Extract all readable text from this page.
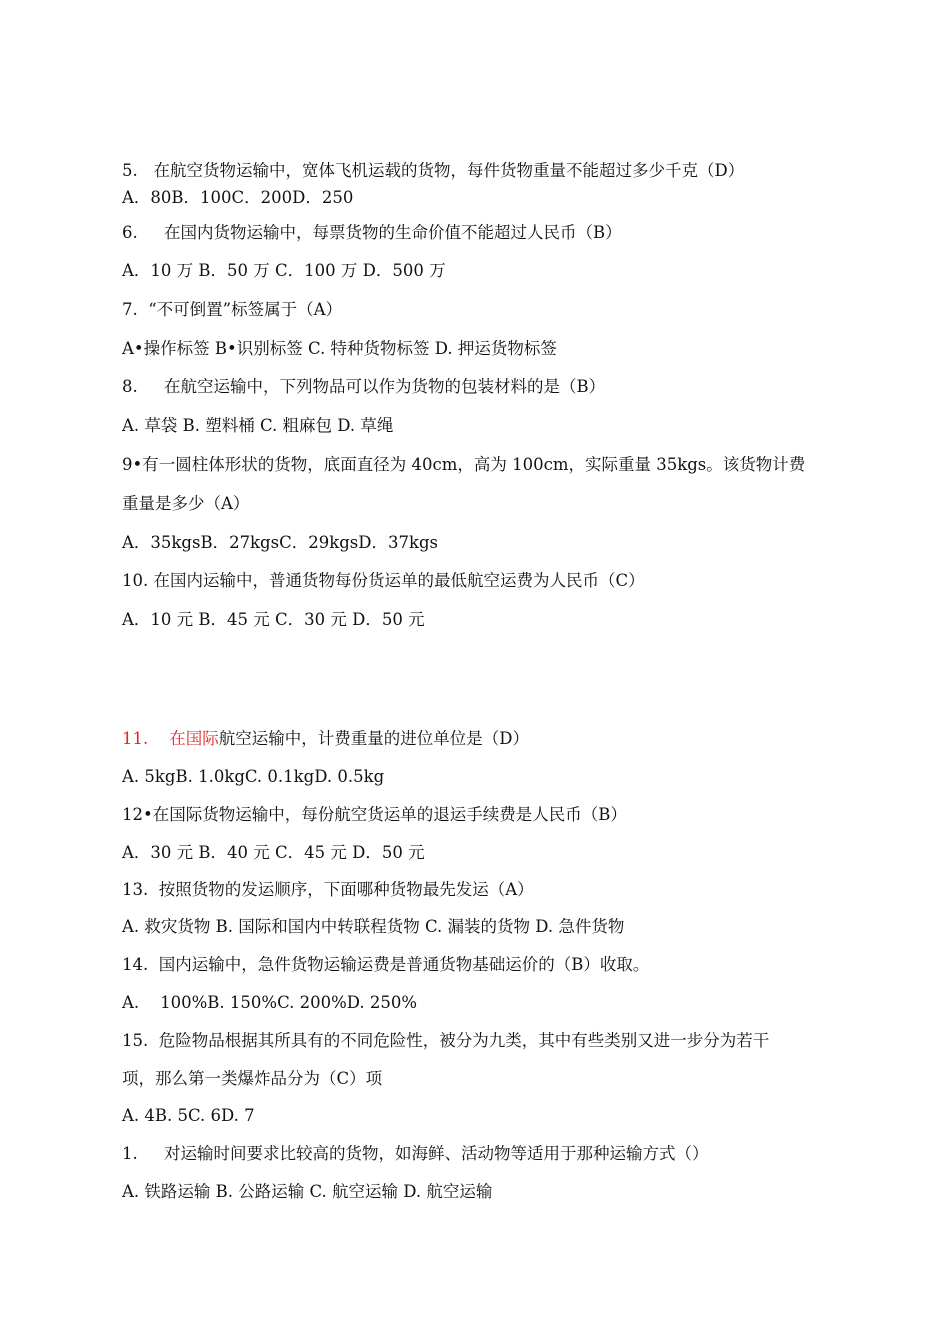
5.   在航空货物运输中，宽体飞机运载的货物，每件货物重量不能超过多少千克（D）
A．80B．100C．200D．250
6.     在国内货物运输中，每票货物的生命价值不能超过人民币（B）
A．10 万 B．50 万 C．100 万 D．500 万
7.  “不可倒置”标签属于（A）
A•操作标签 B•识别标签 C. 特种货物标签 D. 押运货物标签
8.     在航空运输中，下列物品可以作为货物的包装材料的是（B）
A. 草袋 B. 塑料桶 C. 粗麻包 D. 草绳
9•有一圆柱体形状的货物，底面直径为 40cm，高为 100cm，实际重量 35kgs。该货物计费
重量是多少（A）
A．35kgsB．27kgsC．29kgsD．37kgs
10. 在国内运输中，普通货物每份货运单的最低航空运费为人民币（C）
A．10 元 B．45 元 C．30 元 D．50 元
11.    在国际航空运输中，计费重量的进位单位是（D）
A. 5kgB. 1.0kgC. 0.1kgD. 0.5kg
12•在国际货物运输中，每份航空货运单的退运手续费是人民币（B）
A．30 元 B．40 元 C．45 元 D．50 元
13.  按照货物的发运顺序，下面哪种货物最先发运（A）
A. 救灾货物 B. 国际和国内中转联程货物 C. 漏装的货物 D. 急件货物
14.  国内运输中，急件货物运输运费是普通货物基础运价的（B）收取。
A.    100%B. 150%C. 200%D. 250%
15.  危险物品根据其所具有的不同危险性，被分为九类，其中有些类别又进一步分为若干
项，那么第一类爆炸品分为（C）项
A. 4B. 5C. 6D. 7
1.     对运输时间要求比较高的货物，如海鲜、活动物等适用于那种运输方式（）
A. 铁路运输 B. 公路运输 C. 航空运输 D. 航空运输
